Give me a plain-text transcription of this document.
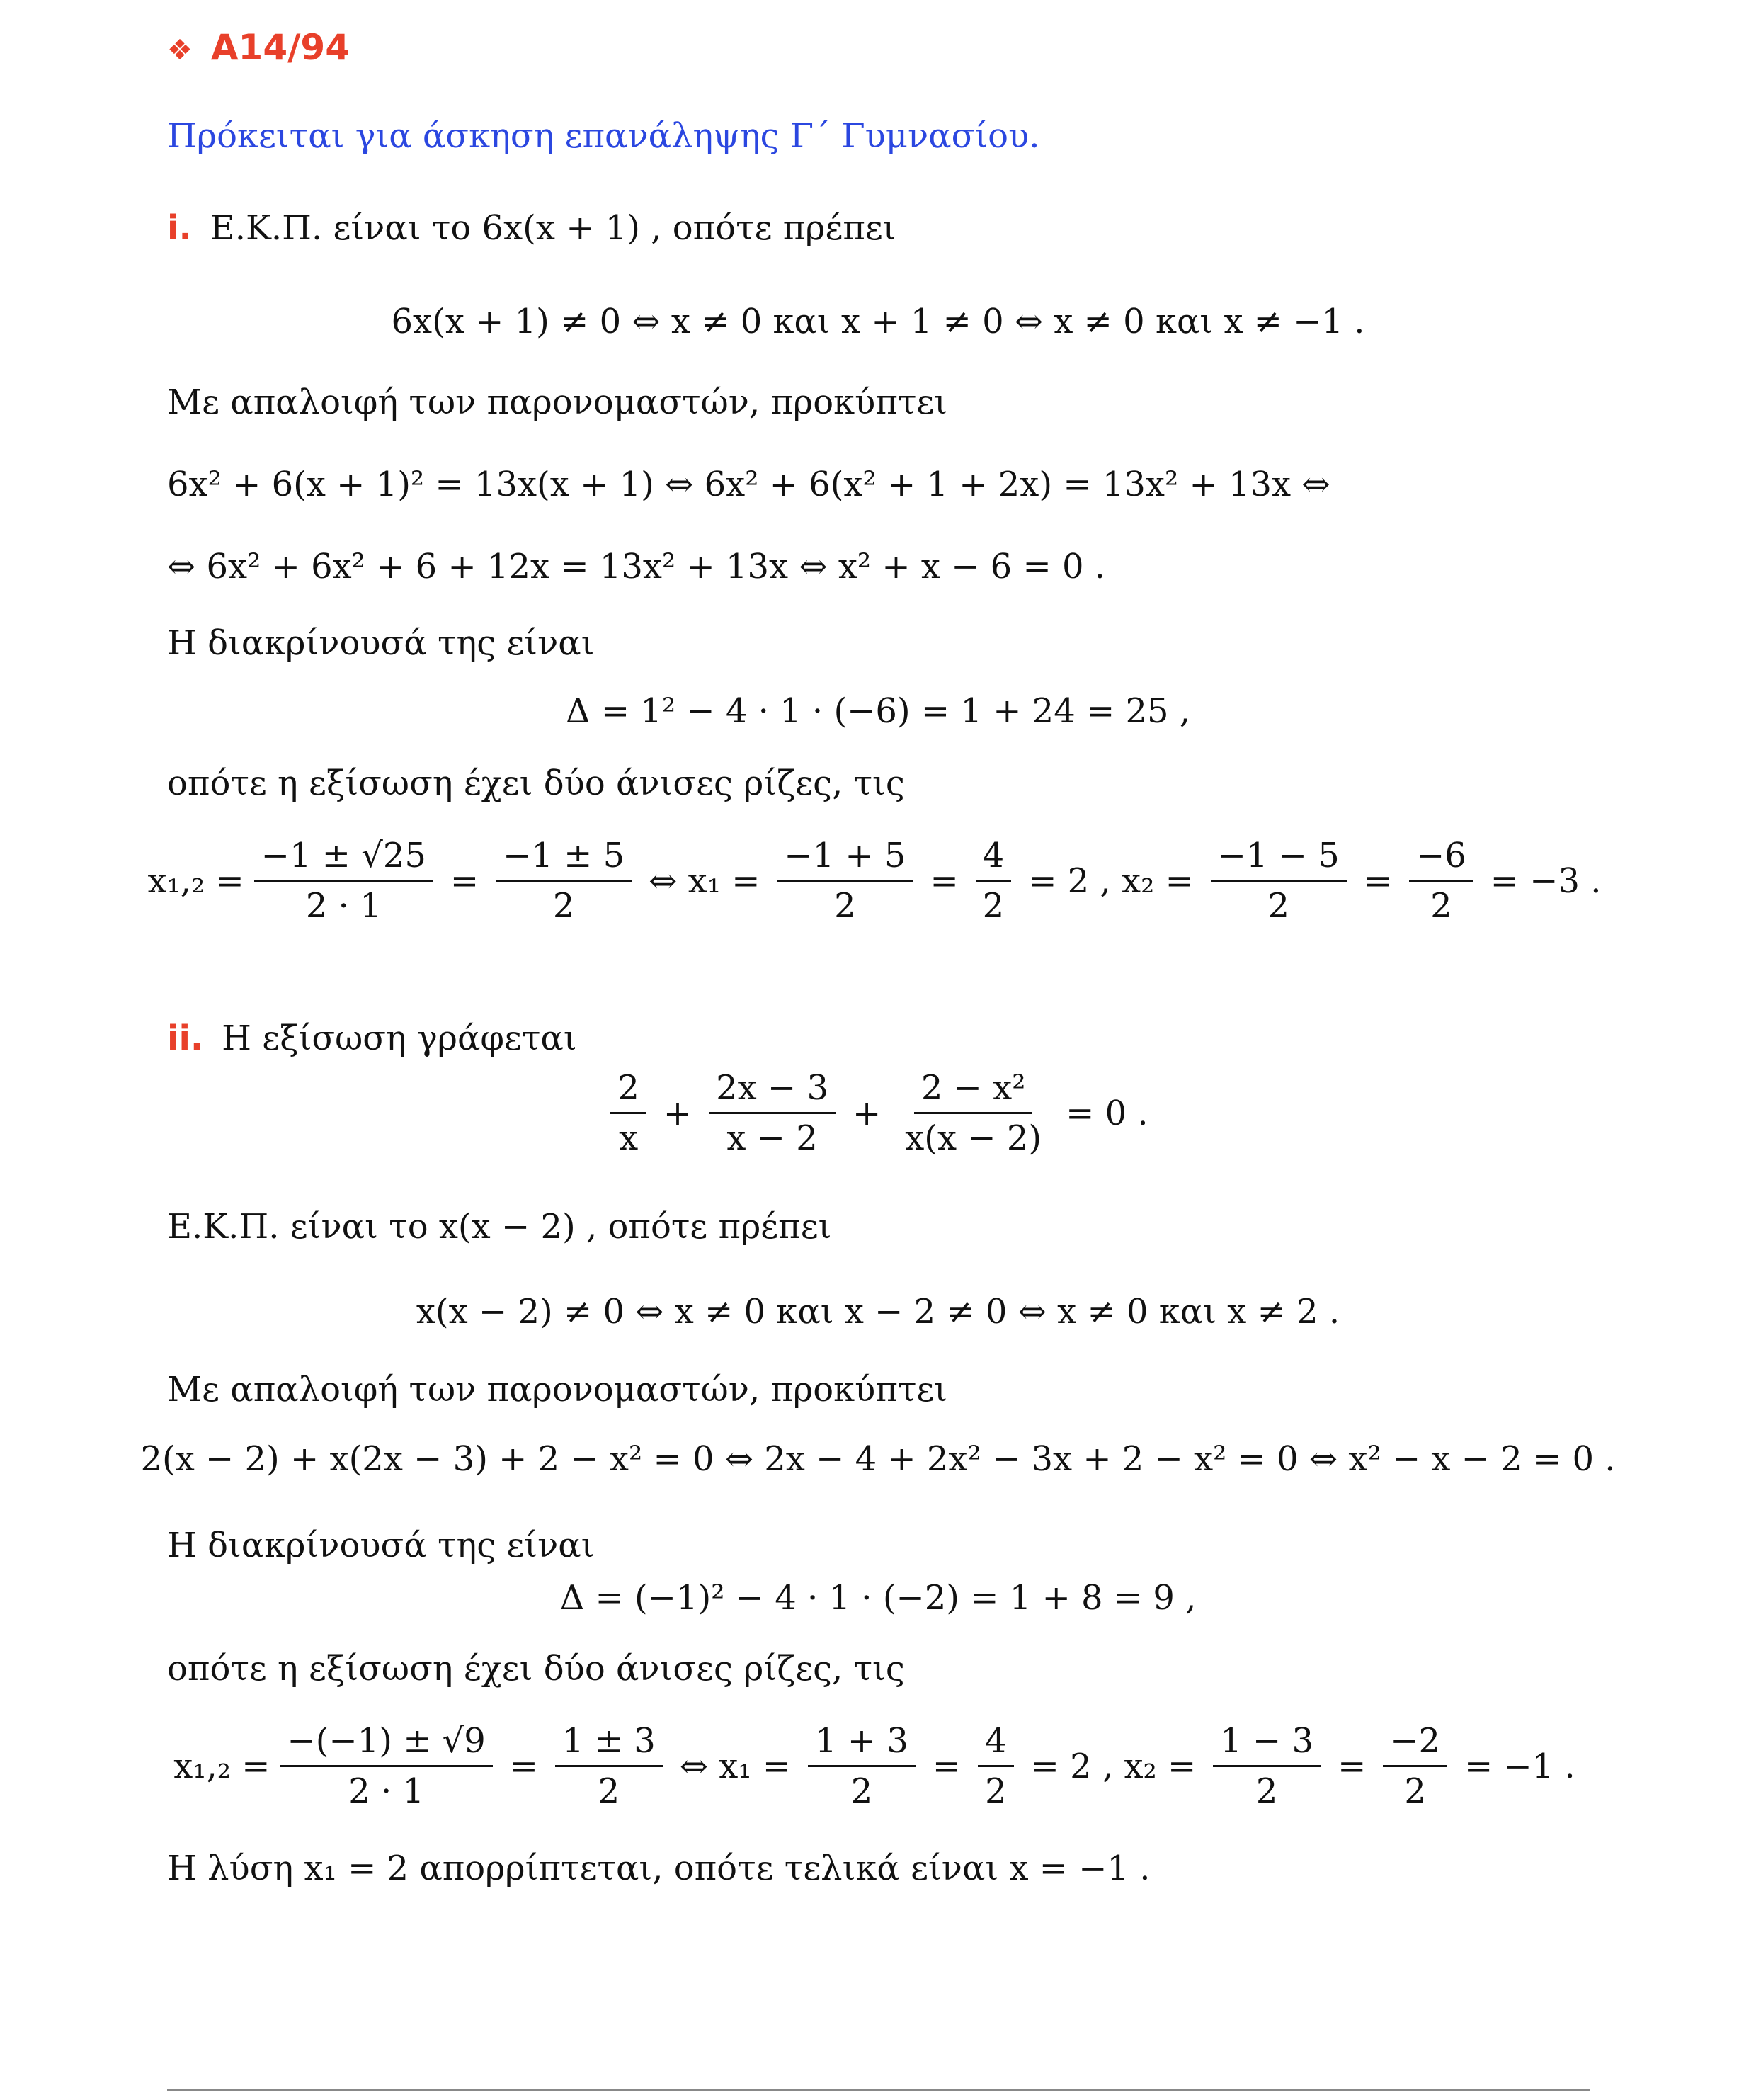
❖ A14/94
Πρόκειται για άσκηση επανάληψης Γ΄ Γυμνασίου.
i. Ε.Κ.Π. είναι το 6x(x + 1) , οπότε πρέπει
6x(x + 1) ≠ 0 ⇔ x ≠ 0 και x + 1 ≠ 0 ⇔ x ≠ 0 και x ≠ −1 .
Με απαλοιφή των παρονομαστών, προκύπτει
6x² + 6(x + 1)² = 13x(x + 1) ⇔ 6x² + 6(x² + 1 + 2x) = 13x² + 13x ⇔
⇔ 6x² + 6x² + 6 + 12x = 13x² + 13x ⇔ x² + x − 6 = 0 .
Η διακρίνουσά της είναι
Δ = 1² − 4 · 1 · (−6) = 1 + 24 = 25 ,
οπότε η εξίσωση έχει δύο άνισες ρίζες, τις
$x_1,_2 = \frac{-1 \pm √25}{2 \cdot 1} = \frac{-1 \pm 5}{2}$ ⇔ $x_1 = \frac{-1 + 5}{2} = \frac{4}{2} = 2$ , $x_2 = \frac{-1 - 5}{2} = \frac{-6}{2} = -3$ .
ii. Η εξίσωση γράφεται
$\frac{2}{x} + \frac{2x - 3}{x - 2} + \frac{\text{2 − x²}}{x(x - 2)} = 0$ .
Ε.Κ.Π. είναι το x(x − 2) , οπότε πρέπει
x(x − 2) ≠ 0 ⇔ x ≠ 0 και x − 2 ≠ 0 ⇔ x ≠ 0 και x ≠ 2 .
Με απαλοιφή των παρονομαστών, προκύπτει
2(x − 2) + x(2x − 3) + 2 − x² = 0 ⇔ 2x − 4 + 2x² − 3x + 2 − x² = 0 ⇔ x² − x − 2 = 0 .
Η διακρίνουσά της είναι
Δ = (−1)² − 4 · 1 · (−2) = 1 + 8 = 9 ,
οπότε η εξίσωση έχει δύο άνισες ρίζες, τις
$x_1,_2 = \frac{-(-1) \pm √9}{2 \cdot 1} = \frac{1 \pm 3}{2}$ ⇔ $x_1 = \frac{1 + 3}{2} = \frac{4}{2} = 2$ , $x_2 = \frac{1 - 3}{2} = \frac{-2}{2} = -1$ .
Η λύση x₁ = 2 απορρίπτεται, οπότε τελικά είναι x = −1 .
